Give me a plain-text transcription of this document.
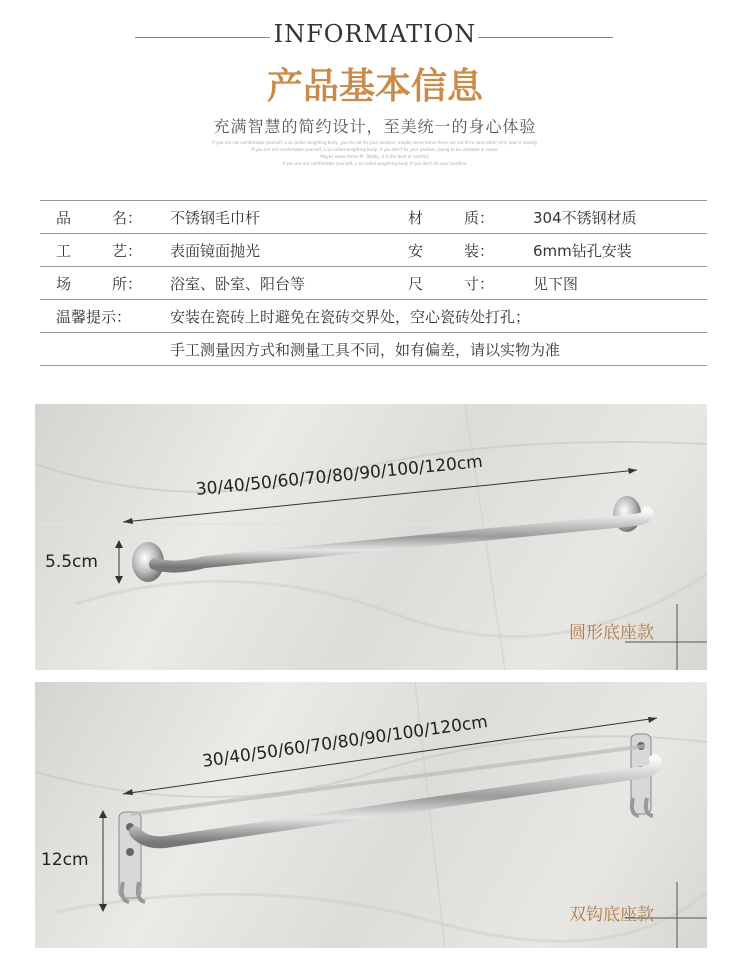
INFORMATION
产品基本信息
充满智慧的简约设计，至美统一的身心体验
If you are not comfortable yourself, a so called weighting body, you do not fix your position, maybe some items there are not fit to each other of it, now is exactly.
If you are not comfortable yourself, a so called weighting body, if you don't fix your position, being to be unstable or move.
Maybe some items fit. Totally, it is the best of comfort.
If you are not comfortable yourself, a so called weighting body. If you don't fix your position.
品 名：	不锈钢毛巾杆	材 质：	304不锈钢材质

工 艺：	表面镜面抛光	安 装：	6mm钻孔安装

场 所：	浴室、卧室、阳台等	尺 寸：	见下图
温馨提示：	安装在瓷砖上时避免在瓷砖交界处，空心瓷砖处打孔；		
	手工测量因方式和测量工具不同，如有偏差，请以实物为准		
30/40/50/60/70/80/90/100/120cm
5.5cm
圆形底座款
30/40/50/60/70/80/90/100/120cm
12cm
双钩底座款
